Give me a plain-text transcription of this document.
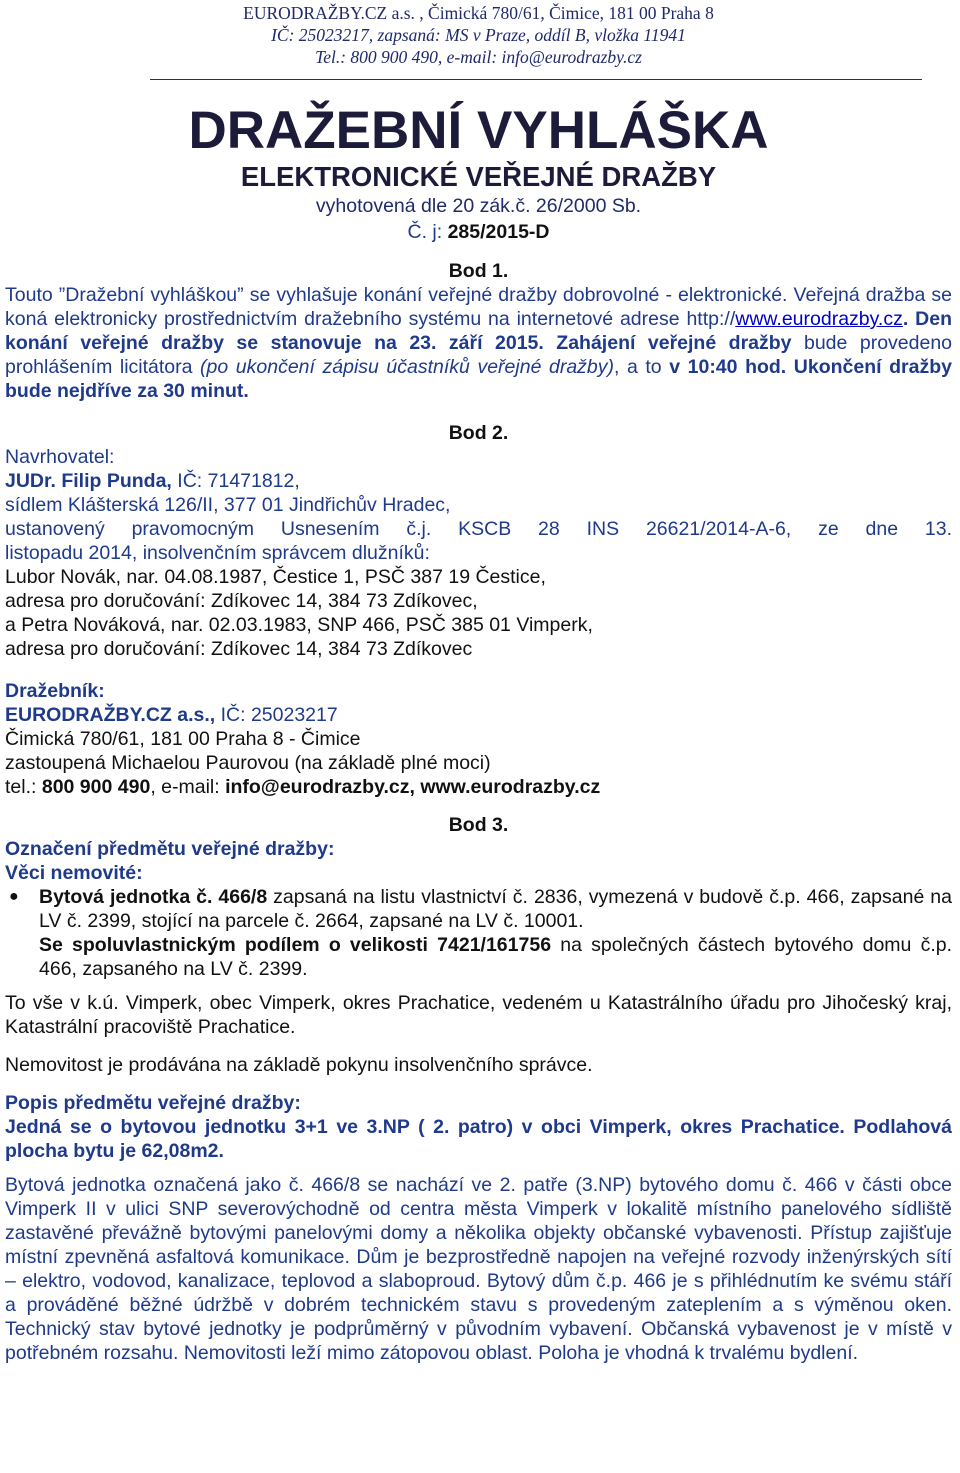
EURODRAŽBY.CZ a.s. , Čimická 780/61, Čimice, 181 00 Praha 8
IČ: 25023217, zapsaná: MS v Praze, oddíl B, vložka 11941
Tel.: 800 900 490, e-mail: info@eurodrazby.cz
DRAŽEBNÍ VYHLÁŠKA
ELEKTRONICKÉ VEŘEJNÉ DRAŽBY
vyhotovená dle 20 zák.č. 26/2000 Sb.
Č. j: 285/2015-D
Bod 1.

Touto ”Dražební vyhláškou” se vyhlašuje konání veřejné dražby dobrovolné - elektronické. Veřejná dražba se koná elektronicky prostřednictvím dražebního systému na internetové adrese http://www.eurodrazby.cz. Den konání veřejné dražby se stanovuje na 23. září 2015. Zahájení veřejné dražby bude provedeno prohlášením licitátora (po ukončení zápisu účastníků veřejné dražby), a to v 10:40 hod. Ukončení dražby bude nejdříve za 30 minut.

Bod 2.
Navrhovatel:
JUDr. Filip Punda, IČ: 71471812,
sídlem Klášterská 126/II, 377 01 Jindřichův Hradec,
ustanovený pravomocným Usnesením č.j. KSCB 28 INS 26621/2014-A-6, ze dne 13.
listopadu 2014, insolvenčním správcem dlužníků:
Lubor Novák, nar. 04.08.1987, Čestice 1, PSČ 387 19 Čestice,
adresa pro doručování: Zdíkovec 14, 384 73 Zdíkovec,
a Petra Nováková, nar. 02.03.1983, SNP 466, PSČ 385 01 Vimperk,
adresa pro doručování: Zdíkovec 14, 384 73 Zdíkovec
Dražebník:
EURODRAŽBY.CZ a.s., IČ: 25023217
Čimická 780/61, 181 00 Praha 8 - Čimice
zastoupená Michaelou Paurovou (na základě plné moci)
tel.: 800 900 490, e-mail: info@eurodrazby.cz, www.eurodrazby.cz
Bod 3.
Označení předmětu veřejné dražby:
Věci nemovité:
● Bytová jednotka č. 466/8 zapsaná na listu vlastnictví č. 2836, vymezená v budově č.p. 466, zapsané na LV č. 2399, stojící na parcele č. 2664, zapsané na LV č. 10001.
Se spoluvlastnickým podílem o velikosti 7421/161756 na společných částech bytového domu č.p. 466, zapsaného na LV č. 2399.

To vše v k.ú. Vimperk, obec Vimperk, okres Prachatice, vedeném u Katastrálního úřadu pro Jihočeský kraj, Katastrální pracoviště Prachatice.

Nemovitost je prodávána na základě pokynu insolvenčního správce.

Popis předmětu veřejné dražby:

Jedná se o bytovou jednotku 3+1 ve 3.NP ( 2. patro) v obci Vimperk, okres Prachatice. Podlahová plocha bytu je 62,08m2.

Bytová jednotka označená jako č. 466/8 se nachází ve 2. patře (3.NP) bytového domu č. 466 v části obce Vimperk II v ulici SNP severovýchodně od centra města Vimperk v lokalitě místního panelového sídliště zastavěné převážně bytovými panelovými domy a několika objekty občanské vybavenosti. Přístup zajišťuje místní zpevněná asfaltová komunikace. Dům je bezprostředně napojen na veřejné rozvody inženýrských sítí – elektro, vodovod, kanalizace, teplovod a slaboproud. Bytový dům č.p. 466 je s přihlédnutím ke svému stáří a prováděné běžné údržbě v dobrém technickém stavu s provedeným zateplením a s výměnou oken. Technický stav bytové jednotky je podprůměrný v původním vybavení. Občanská vybavenost je v místě v potřebném rozsahu. Nemovitosti leží mimo zátopovou oblast. Poloha je vhodná k trvalému bydlení.
